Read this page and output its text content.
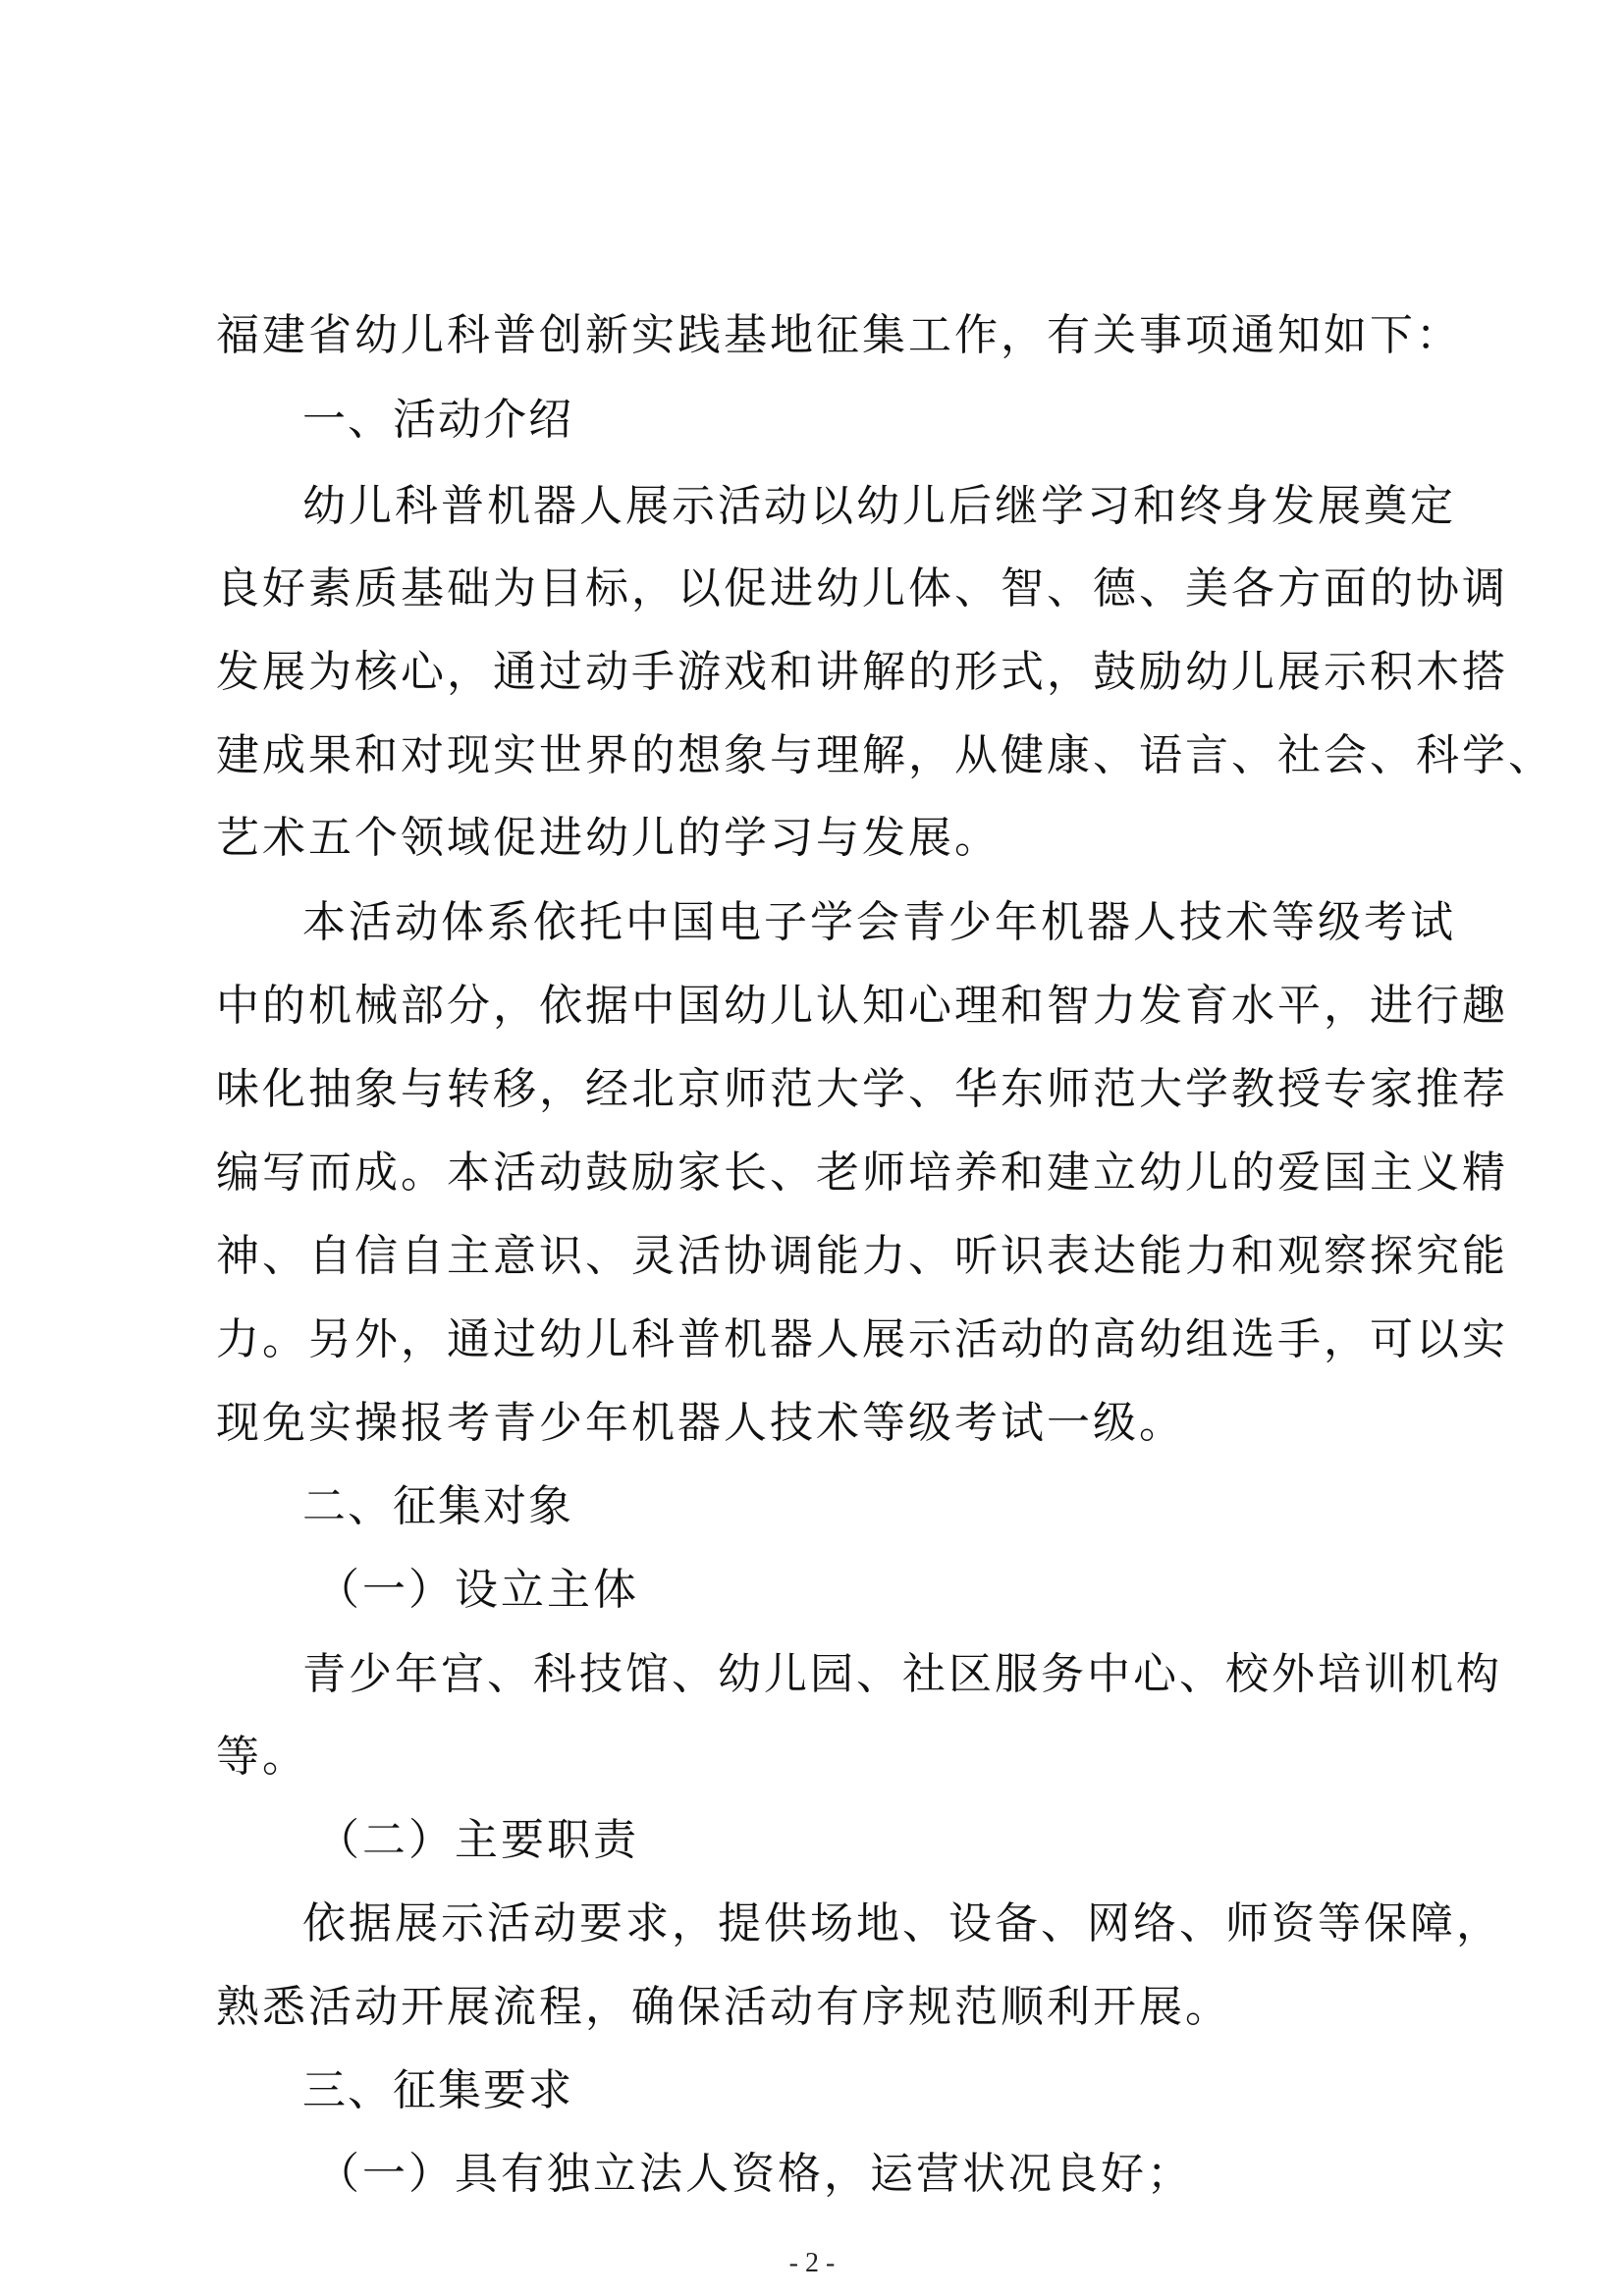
福建省幼儿科普创新实践基地征集工作，有关事项通知如下：
一、活动介绍
幼儿科普机器人展示活动以幼儿后继学习和终身发展奠定
良好素质基础为目标，以促进幼儿体、智、德、美各方面的协调
发展为核心，通过动手游戏和讲解的形式，鼓励幼儿展示积木搭
建成果和对现实世界的想象与理解，从健康、语言、社会、科学、
艺术五个领域促进幼儿的学习与发展。
本活动体系依托中国电子学会青少年机器人技术等级考试
中的机械部分，依据中国幼儿认知心理和智力发育水平，进行趣
味化抽象与转移，经北京师范大学、华东师范大学教授专家推荐
编写而成。本活动鼓励家长、老师培养和建立幼儿的爱国主义精
神、自信自主意识、灵活协调能力、听识表达能力和观察探究能
力。另外，通过幼儿科普机器人展示活动的高幼组选手，可以实
现免实操报考青少年机器人技术等级考试一级。
二、征集对象
（一）设立主体
青少年宫、科技馆、幼儿园、社区服务中心、校外培训机构
等。
（二）主要职责
依据展示活动要求，提供场地、设备、网络、师资等保障，
熟悉活动开展流程，确保活动有序规范顺利开展。
三、征集要求
（一）具有独立法人资格，运营状况良好；
- 2 -
